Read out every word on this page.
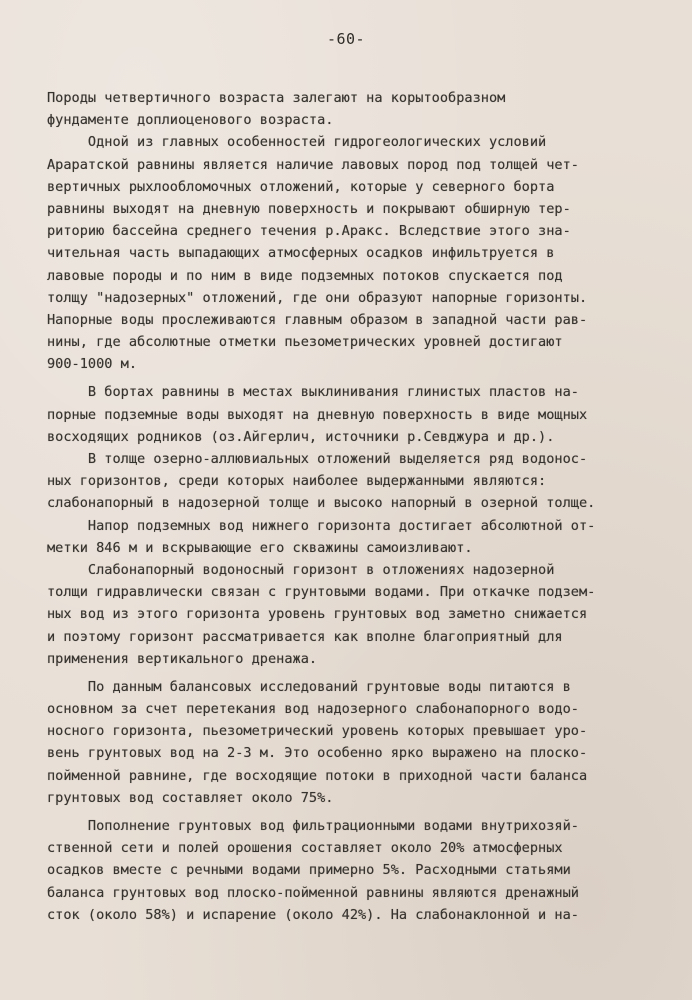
-60-
Породы четвертичного возраста залегают на корытообразном
фундаменте доплиоценового возраста.
Одной из главных особенностей гидрогеологических условий
Араратской равнины является наличие лавовых пород под толщей чет-
вертичных рыхлообломочных отложений, которые у северного борта
равнины выходят на дневную поверхность и покрывают обширную тер-
риторию бассейна среднего течения р.Аракс. Вследствие этого зна-
чительная часть выпадающих атмосферных осадков инфильтруется в
лавовые породы и по ним в виде подземных потоков спускается под
толщу "надозерных" отложений, где они образуют напорные горизонты.
Напорные воды прослеживаются главным образом в западной части рав-
нины, где абсолютные отметки пьезометрических уровней достигают
900-1000 м.
В бортах равнины в местах выклинивания глинистых пластов на-
порные подземные воды выходят на дневную поверхность в виде мощных
восходящих родников (оз.Айгерлич, источники р.Севджура и др.).
В толще озерно-аллювиальных отложений выделяется ряд водонос-
ных горизонтов, среди которых наиболее выдержанными являются:
слабонапорный в надозерной толще и высоко напорный в озерной толще.
Напор подземных вод нижнего горизонта достигает абсолютной от-
метки 846 м и вскрывающие его скважины самоизливают.
Слабонапорный водоносный горизонт в отложениях надозерной
толщи гидравлически связан с грунтовыми водами. При откачке подзем-
ных вод из этого горизонта уровень грунтовых вод заметно снижается
и поэтому горизонт рассматривается как вполне благоприятный для
применения вертикального дренажа.
По данным балансовых исследований грунтовые воды питаются в
основном за счет перетекания вод надозерного слабонапорного водо-
носного горизонта, пьезометрический уровень которых превышает уро-
вень грунтовых вод на 2-3 м. Это особенно ярко выражено на плоско-
пойменной равнине, где восходящие потоки в приходной части баланса
грунтовых вод составляет около 75%.
Пополнение грунтовых вод фильтрационными водами внутрихозяй-
ственной сети и полей орошения составляет около 20% атмосферных
осадков вместе с речными водами примерно 5%. Расходными статьями
баланса грунтовых вод плоско-пойменной равнины являются дренажный
сток (около 58%) и испарение (около 42%). На слабонаклонной и на-
